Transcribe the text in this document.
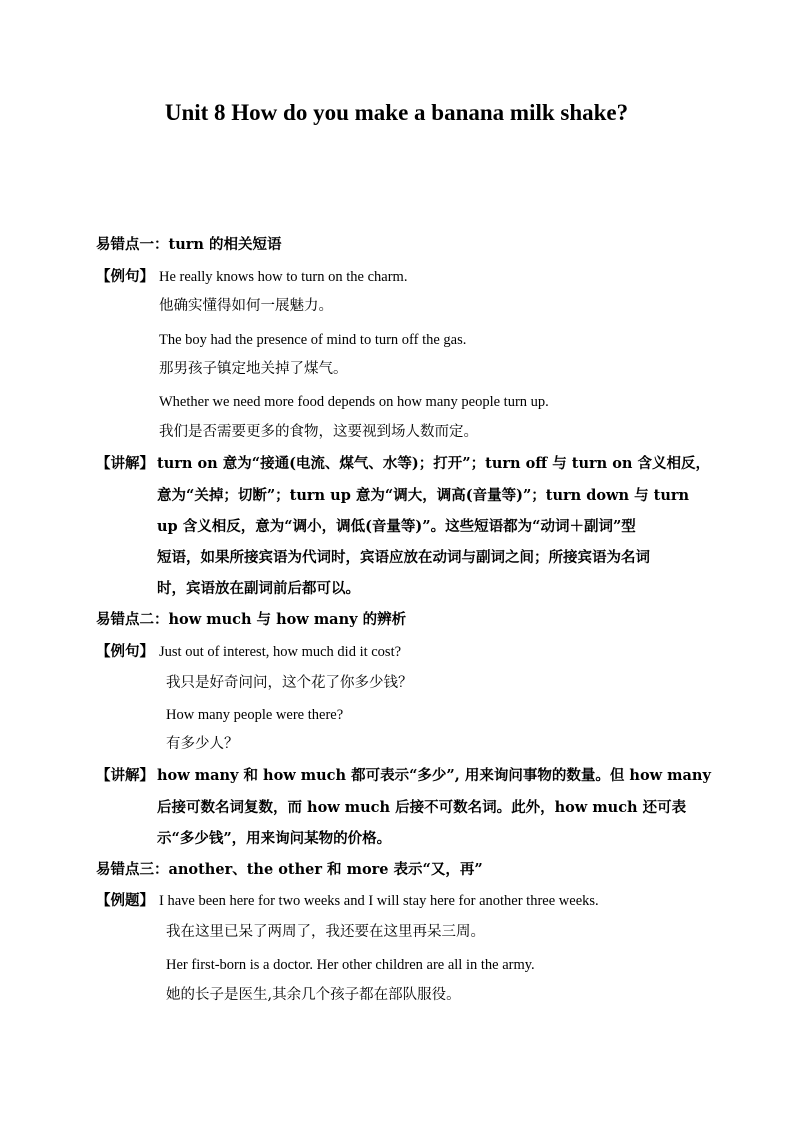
Unit 8 How do you make a banana milk shake?
易错点一：turn 的相关短语
【例句】 He really knows how to turn on the charm.
他确实懂得如何一展魅力。
The boy had the presence of mind to turn off the gas.
那男孩子镇定地关掉了煤气。
Whether we need more food depends on how many people turn up.
我们是否需要更多的食物，这要视到场人数而定。
【讲解】 turn on 意为“接通(电流、煤气、水等)；打开”；turn off 与 turn on 含义相反，
意为“关掉；切断”；turn up 意为“调大，调高(音量等)”；turn down 与 turn
up 含义相反，意为“调小，调低(音量等)”。这些短语都为“动词＋副词”型
短语，如果所接宾语为代词时，宾语应放在动词与副词之间；所接宾语为名词
时，宾语放在副词前后都可以。
易错点二：how much 与 how many 的辨析
【例句】 Just out of interest, how much did it cost?
我只是好奇问问，这个花了你多少钱？
How many people were there?
有多少人？
【讲解】 how many 和 how much 都可表示“多少”, 用来询问事物的数量。但 how many
后接可数名词复数，而 how much 后接不可数名词。此外，how much 还可表
示“多少钱”，用来询问某物的价格。
易错点三：another、the other 和 more 表示“又，再”
【例题】 I have been here for two weeks and I will stay here for another three weeks.
我在这里已呆了两周了，我还要在这里再呆三周。
Her first-born is a doctor. Her other children are all in the army.
她的长子是医生,其余几个孩子都在部队服役。
